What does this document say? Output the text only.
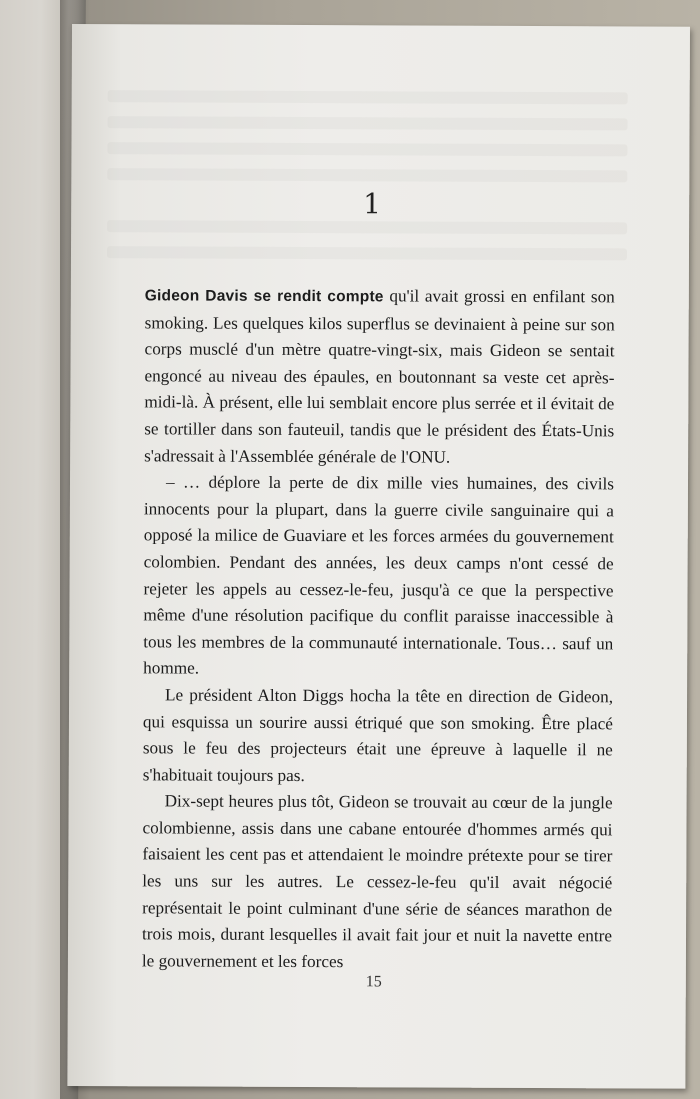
1

Gideon Davis se rendit compte qu'il avait grossi en enfilant son smoking. Les quelques kilos superflus se devinaient à peine sur son corps musclé d'un mètre quatre-vingt-six, mais Gideon se sentait engoncé au niveau des épaules, en boutonnant sa veste cet après-midi-là. À présent, elle lui semblait encore plus serrée et il évitait de se tortiller dans son fauteuil, tandis que le président des États-Unis s'adressait à l'Assemblée générale de l'ONU.

– … déplore la perte de dix mille vies humaines, des civils innocents pour la plupart, dans la guerre civile sanguinaire qui a opposé la milice de Guaviare et les forces armées du gouvernement colombien. Pendant des années, les deux camps n'ont cessé de rejeter les appels au cessez-le-feu, jusqu'à ce que la perspective même d'une résolution pacifique du conflit paraisse inaccessible à tous les membres de la communauté internationale. Tous… sauf un homme.

Le président Alton Diggs hocha la tête en direction de Gideon, qui esquissa un sourire aussi étriqué que son smoking. Être placé sous le feu des projecteurs était une épreuve à laquelle il ne s'habituait toujours pas.

Dix-sept heures plus tôt, Gideon se trouvait au cœur de la jungle colombienne, assis dans une cabane entourée d'hommes armés qui faisaient les cent pas et attendaient le moindre prétexte pour se tirer les uns sur les autres. Le cessez-le-feu qu'il avait négocié représentait le point culminant d'une série de séances marathon de trois mois, durant lesquelles il avait fait jour et nuit la navette entre le gouvernement et les forces

15
